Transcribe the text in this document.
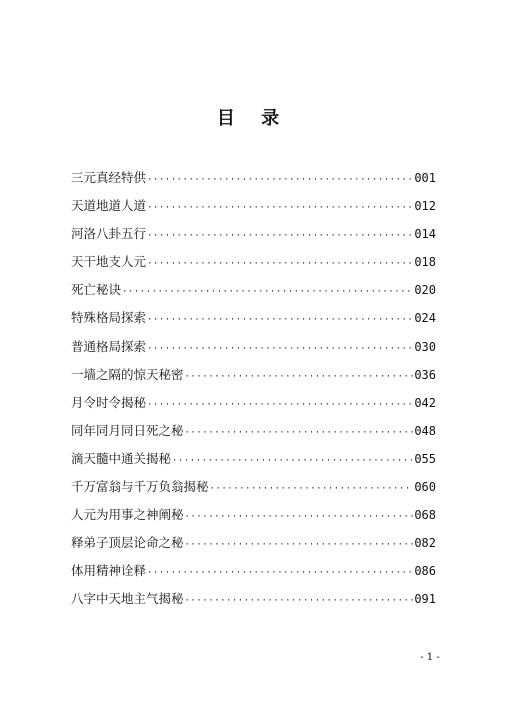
目 录
三元真经特供 ·····	001
天道地道人道 ·····	012
河洛八卦五行 ·····	014
天干地支人元 ·····	018
死亡秘诀 ·····	020
特殊格局探索 ·····	024
普通格局探索 ·····	030
一墙之隔的惊天秘密 ·····	036
月令时令揭秘 ·····	042
同年同月同日死之秘 ·····	048
滴天髓中通关揭秘 ·····	055
千万富翁与千万负翁揭秘 ·····	060
人元为用事之神阐秘 ·····	068
释弟子顶层论命之秘 ·····	082
体用精神诠释 ·····	086
八字中天地主气揭秘 ·····	091
- 1 -
